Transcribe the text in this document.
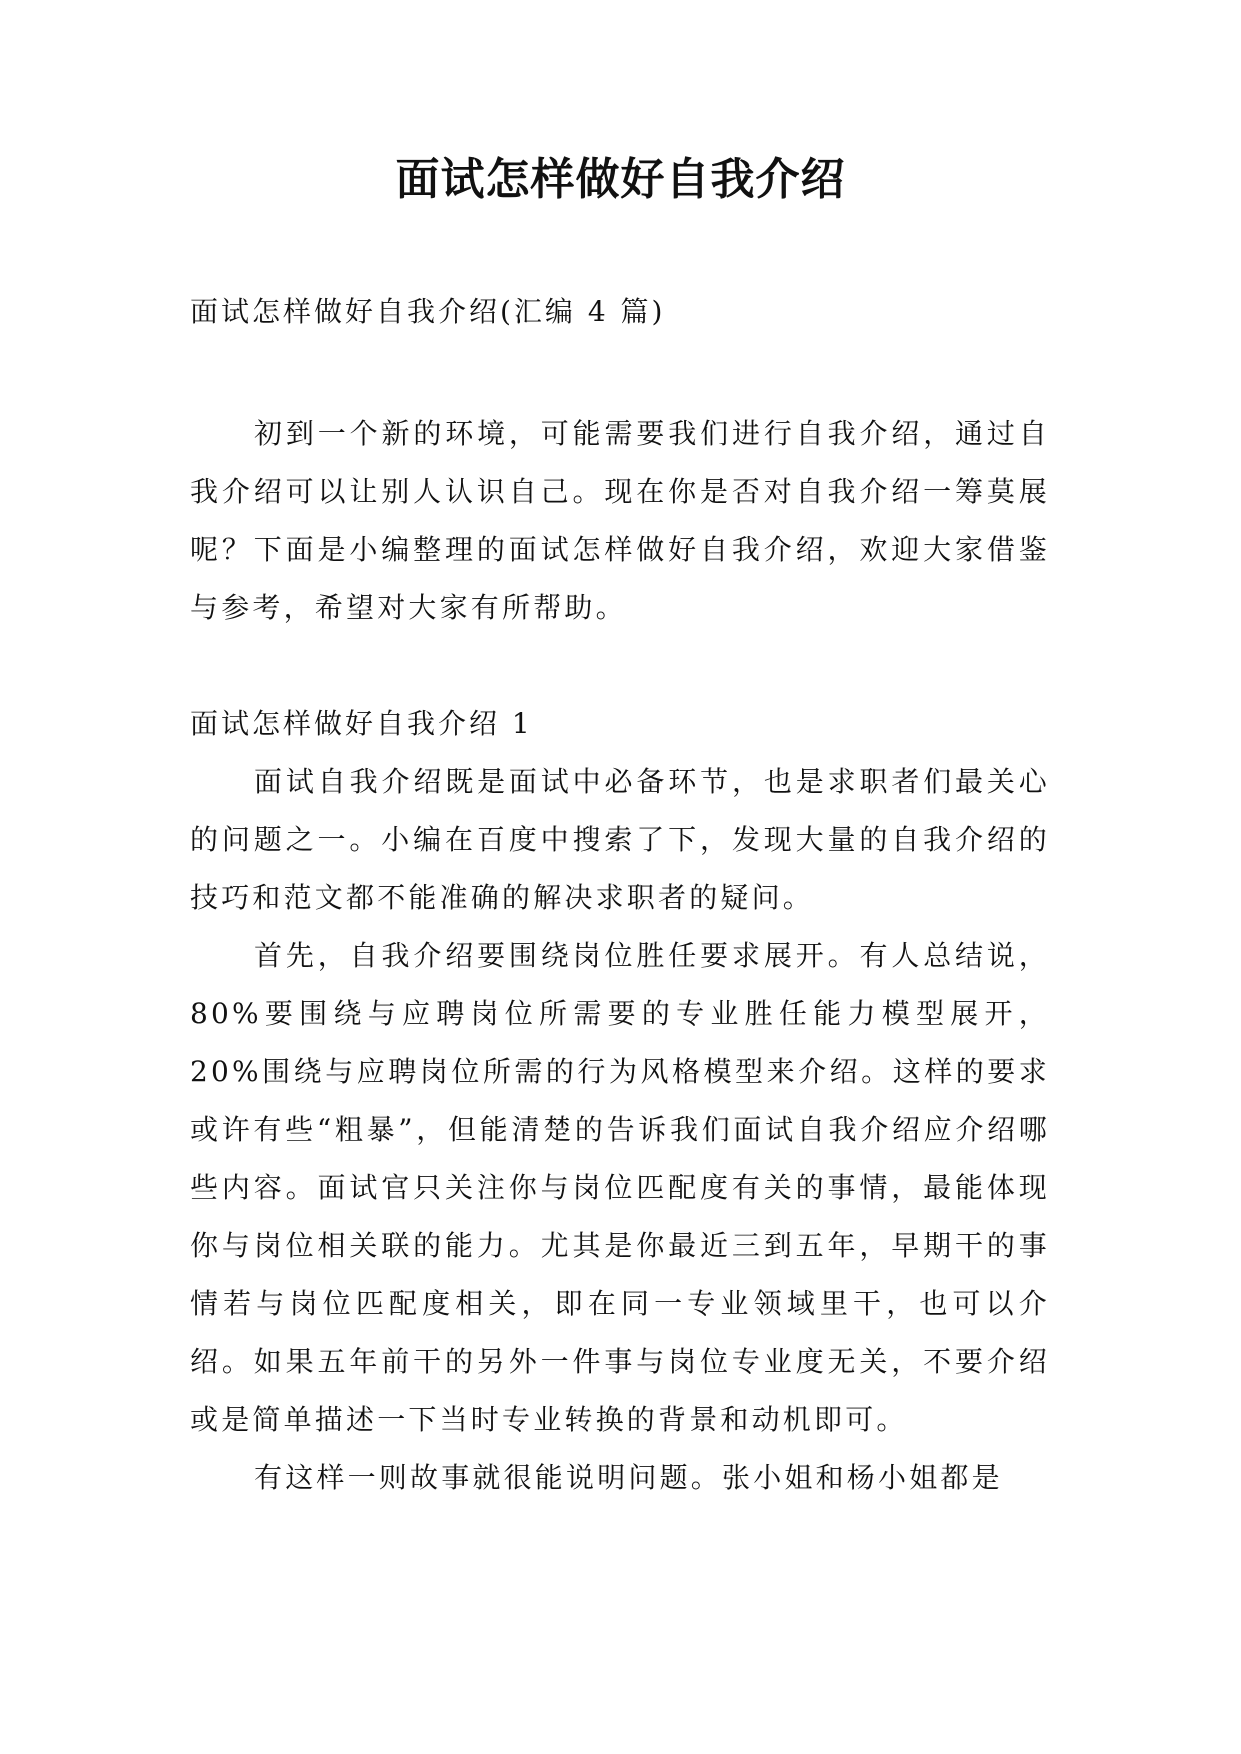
面试怎样做好自我介绍

面试怎样做好自我介绍(汇编 4 篇)

初到一个新的环境，可能需要我们进行自我介绍，通过自我介绍可以让别人认识自己。现在你是否对自我介绍一筹莫展呢？下面是小编整理的面试怎样做好自我介绍，欢迎大家借鉴与参考，希望对大家有所帮助。

面试怎样做好自我介绍 1

面试自我介绍既是面试中必备环节，也是求职者们最关心的问题之一。小编在百度中搜索了下，发现大量的自我介绍的技巧和范文都不能准确的解决求职者的疑问。

首先，自我介绍要围绕岗位胜任要求展开。有人总结说，80%要围绕与应聘岗位所需要的专业胜任能力模型展开，20%围绕与应聘岗位所需的行为风格模型来介绍。这样的要求或许有些“粗暴”，但能清楚的告诉我们面试自我介绍应介绍哪些内容。面试官只关注你与岗位匹配度有关的事情，最能体现你与岗位相关联的能力。尤其是你最近三到五年，早期干的事情若与岗位匹配度相关，即在同一专业领域里干，也可以介绍。如果五年前干的另外一件事与岗位专业度无关，不要介绍或是简单描述一下当时专业转换的背景和动机即可。

有这样一则故事就很能说明问题。张小姐和杨小姐都是
